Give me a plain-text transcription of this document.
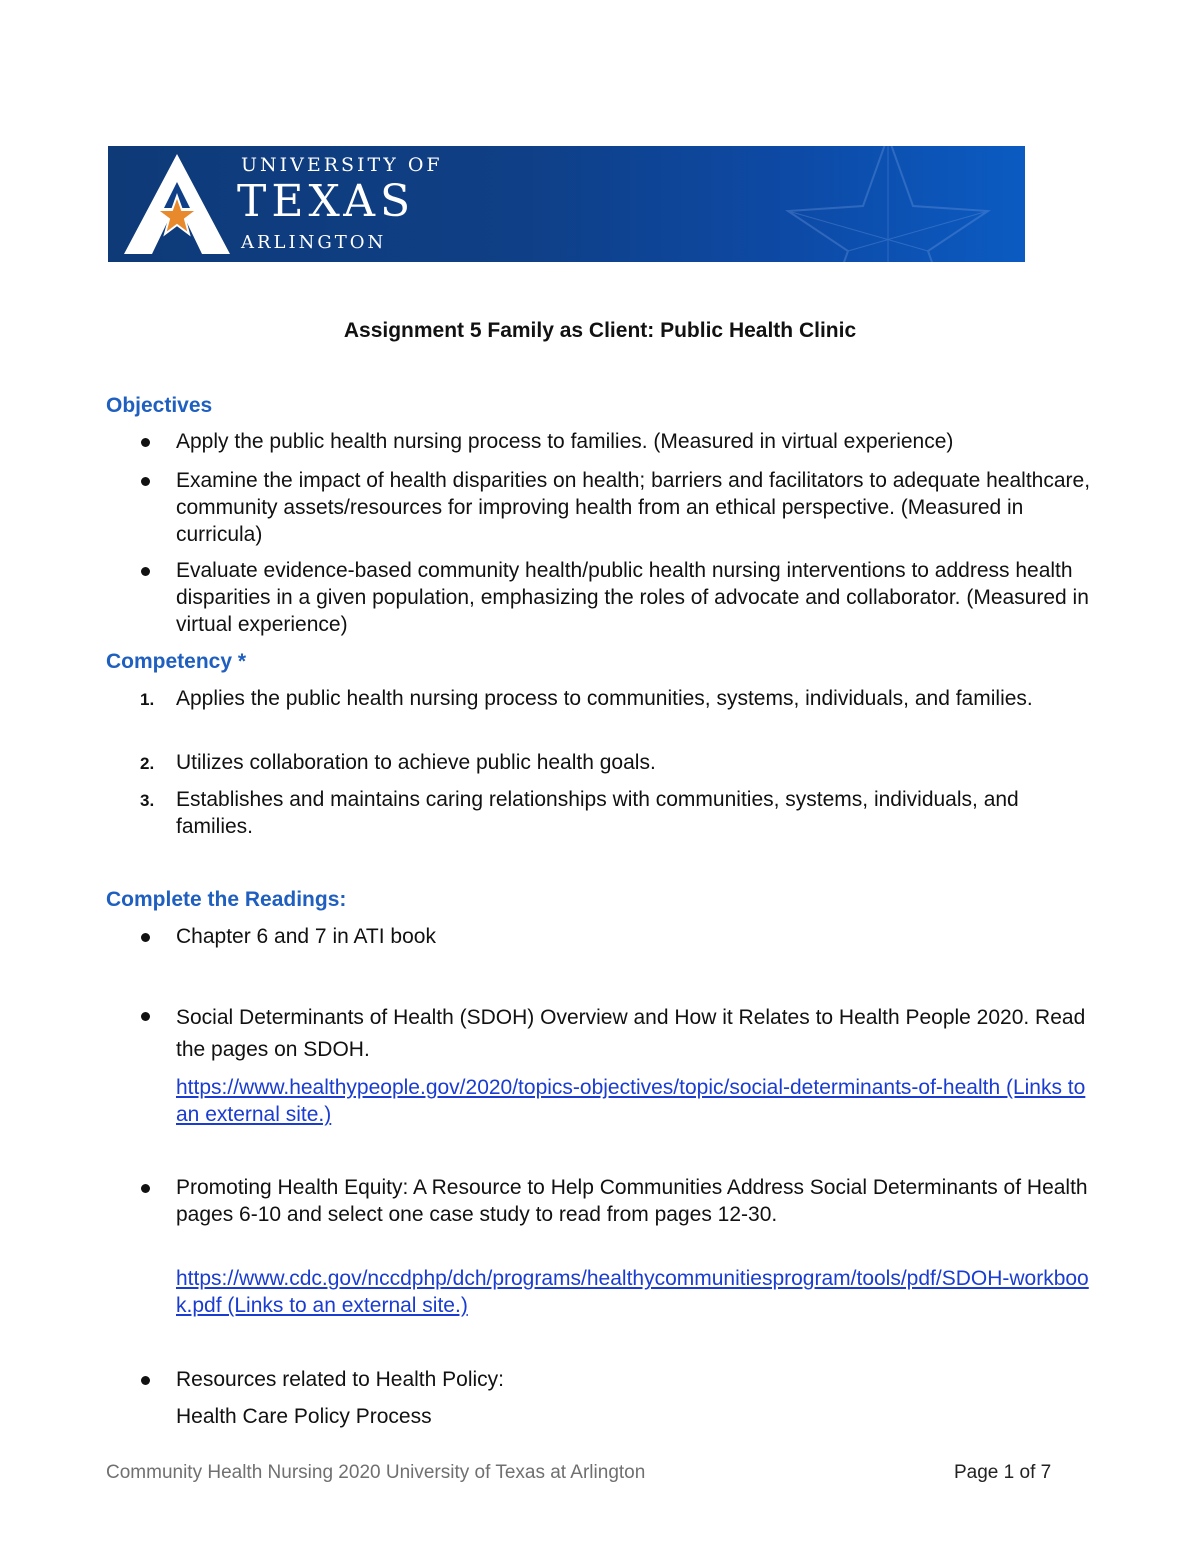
UNIVERSITY OF
TEXAS
ARLINGTON
Assignment 5 Family as Client: Public Health Clinic
Objectives
Apply the public health nursing process to families. (Measured in virtual experience)
Examine the impact of health disparities on health; barriers and facilitators to adequate healthcare, community assets/resources for improving health from an ethical perspective. (Measured in curricula)
Evaluate evidence-based community health/public health nursing interventions to address health disparities in a given population, emphasizing the roles of advocate and collaborator. (Measured in virtual experience)
Competency *
1. Applies the public health nursing process to communities, systems, individuals, and families.
2. Utilizes collaboration to achieve public health goals.
3. Establishes and maintains caring relationships with communities, systems, individuals, and families.
Complete the Readings:
Chapter 6 and 7 in ATI book
Social Determinants of Health (SDOH) Overview and How it Relates to Health People 2020. Read the pages on SDOH.
https://www.healthypeople.gov/2020/topics-objectives/topic/social-determinants-of-health (Links to an external site.)
Promoting Health Equity: A Resource to Help Communities Address Social Determinants of Health pages 6-10 and select one case study to read from pages 12-30.
https://www.cdc.gov/nccdphp/dch/programs/healthycommunitiesprogram/tools/pdf/SDOH-workbook.pdf (Links to an external site.)
Resources related to Health Policy:
Health Care Policy Process
Community Health Nursing 2020 University of Texas at Arlington	Page 1 of 7
